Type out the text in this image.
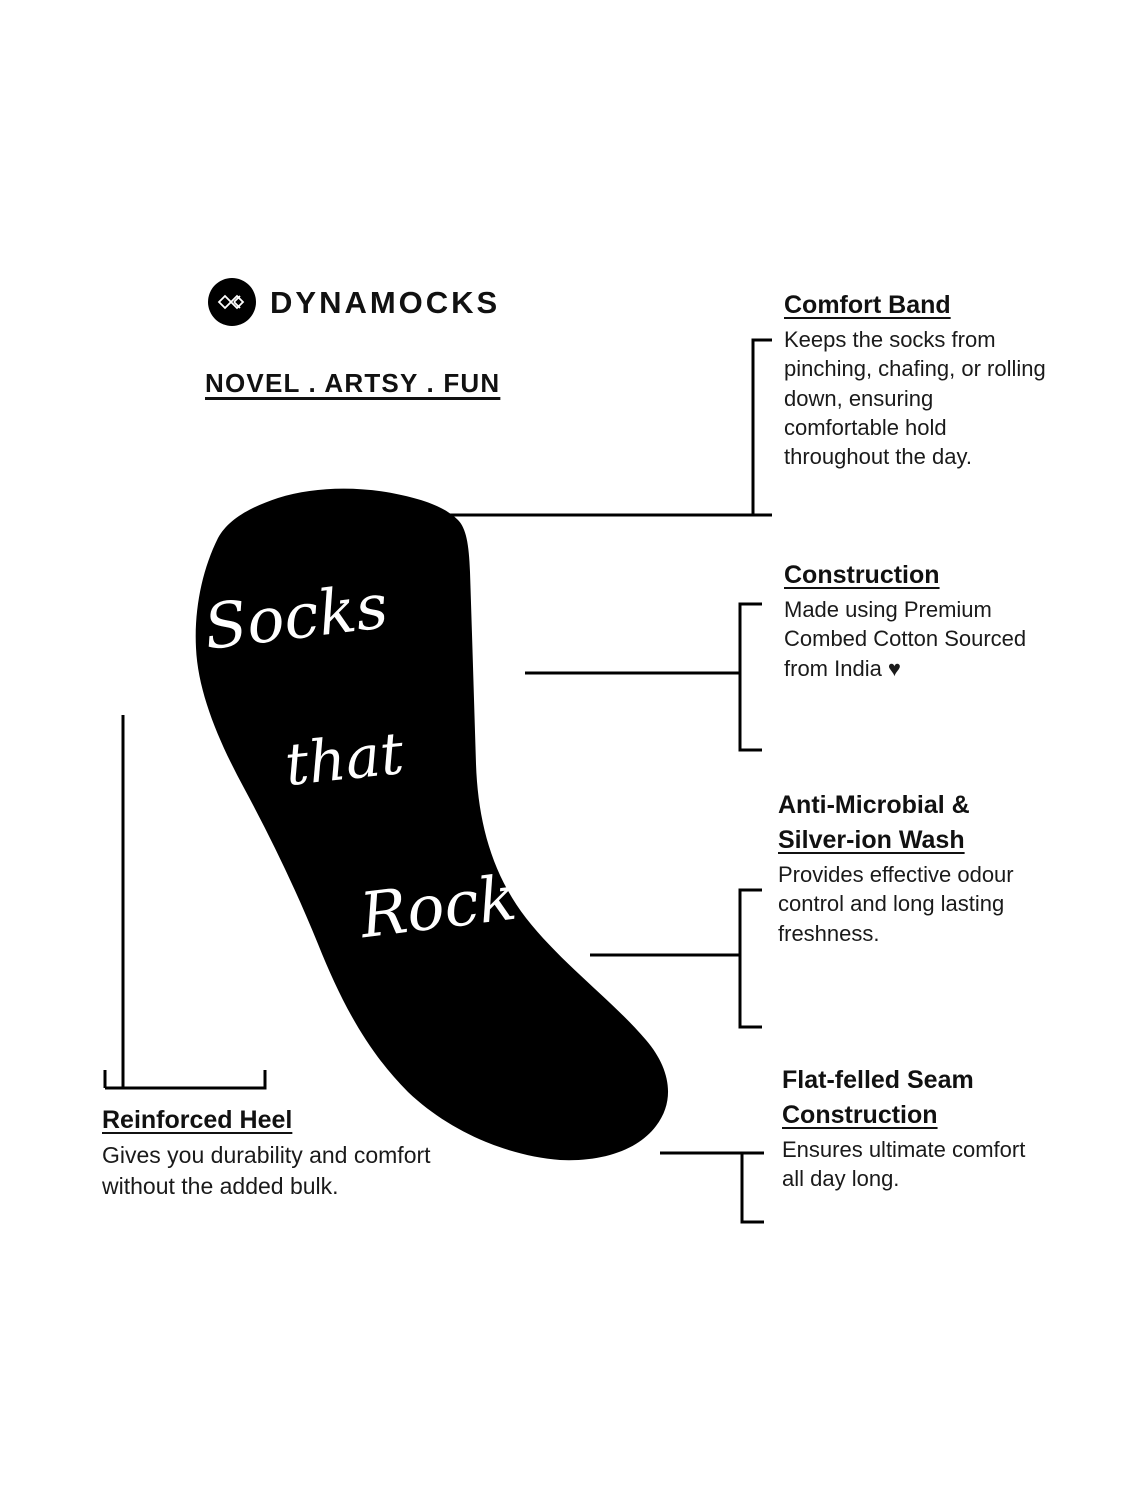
DYNAMOCKS
NOVEL . ARTSY . FUN
Socks
that
Rock

Comfort Band

Keeps the socks from pinching, chafing, or rolling down, ensuring comfortable hold throughout the day.

Construction

Made using Premium Combed Cotton Sourced from India ♥

Anti-Microbial &

Silver-ion Wash

Provides effective odour control and long lasting freshness.

Flat-felled Seam

Construction

Ensures ultimate comfort all day long.

Reinforced Heel

Gives you durability and comfort without the added bulk.
